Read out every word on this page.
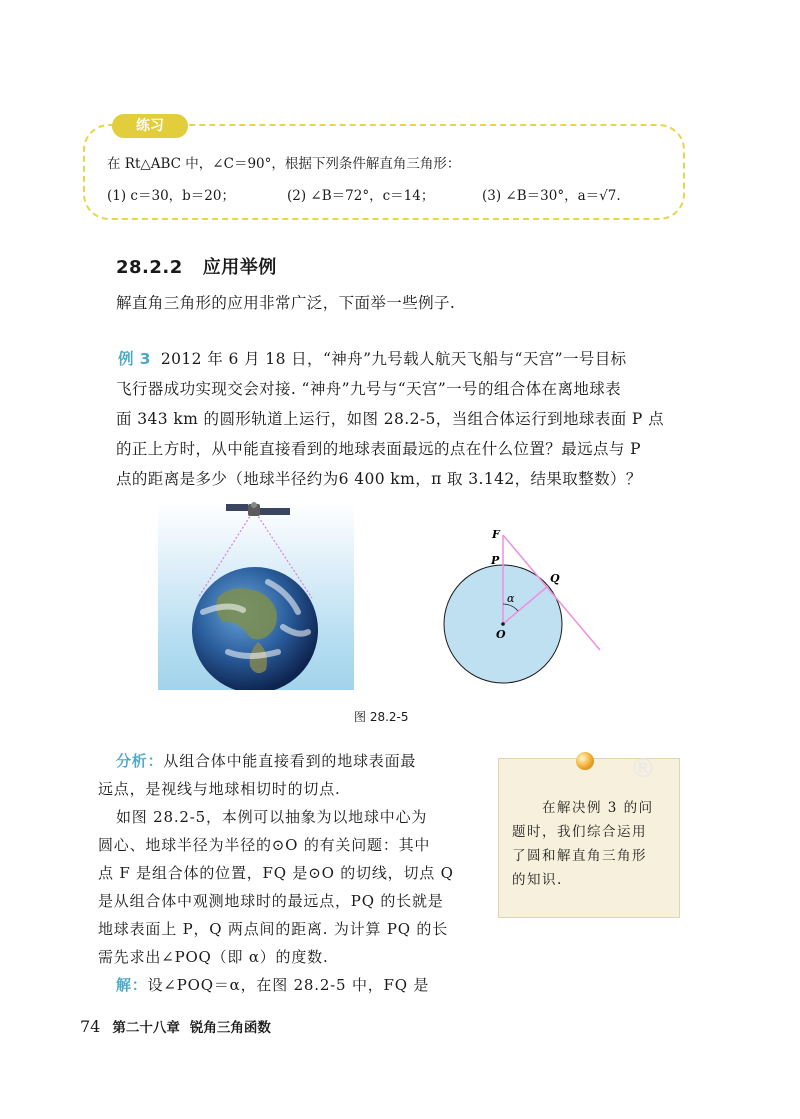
练习
在 Rt△ABC 中，∠C＝90°，根据下列条件解直角三角形：
(1) c＝30，b＝20；	(2) ∠B＝72°，c＝14；	(3) ∠B＝30°，a＝√7.
28.2.2 应用举例
解直角三角形的应用非常广泛，下面举一些例子.
例 3 2012 年 6 月 18 日，“神舟”九号载人航天飞船与“天宫”一号目标
飞行器成功实现交会对接. “神舟”九号与“天宫”一号的组合体在离地球表
面 343 km 的圆形轨道上运行，如图 28.2-5，当组合体运行到地球表面 P 点
的正上方时，从中能直接看到的地球表面最远的点在什么位置？最远点与 P
点的距离是多少（地球半径约为6 400 km，π 取 3.142，结果取整数）？
F
P
Q
α
O
图 28.2-5
分析：从组合体中能直接看到的地球表面最
远点，是视线与地球相切时的切点.
如图 28.2-5，本例可以抽象为以地球中心为
圆心、地球半径为半径的⊙O 的有关问题：其中
点 F 是组合体的位置，FQ 是⊙O 的切线，切点 Q
是从组合体中观测地球时的最远点，PQ 的长就是
地球表面上 P，Q 两点间的距离. 为计算 PQ 的长
需先求出∠POQ（即 α）的度数.
解：设∠POQ＝α，在图 28.2-5 中，FQ 是
在解决例 3 的问
题时，我们综合运用
了圆和解直角三角形
的知识.
®
74 第二十八章 锐角三角函数
